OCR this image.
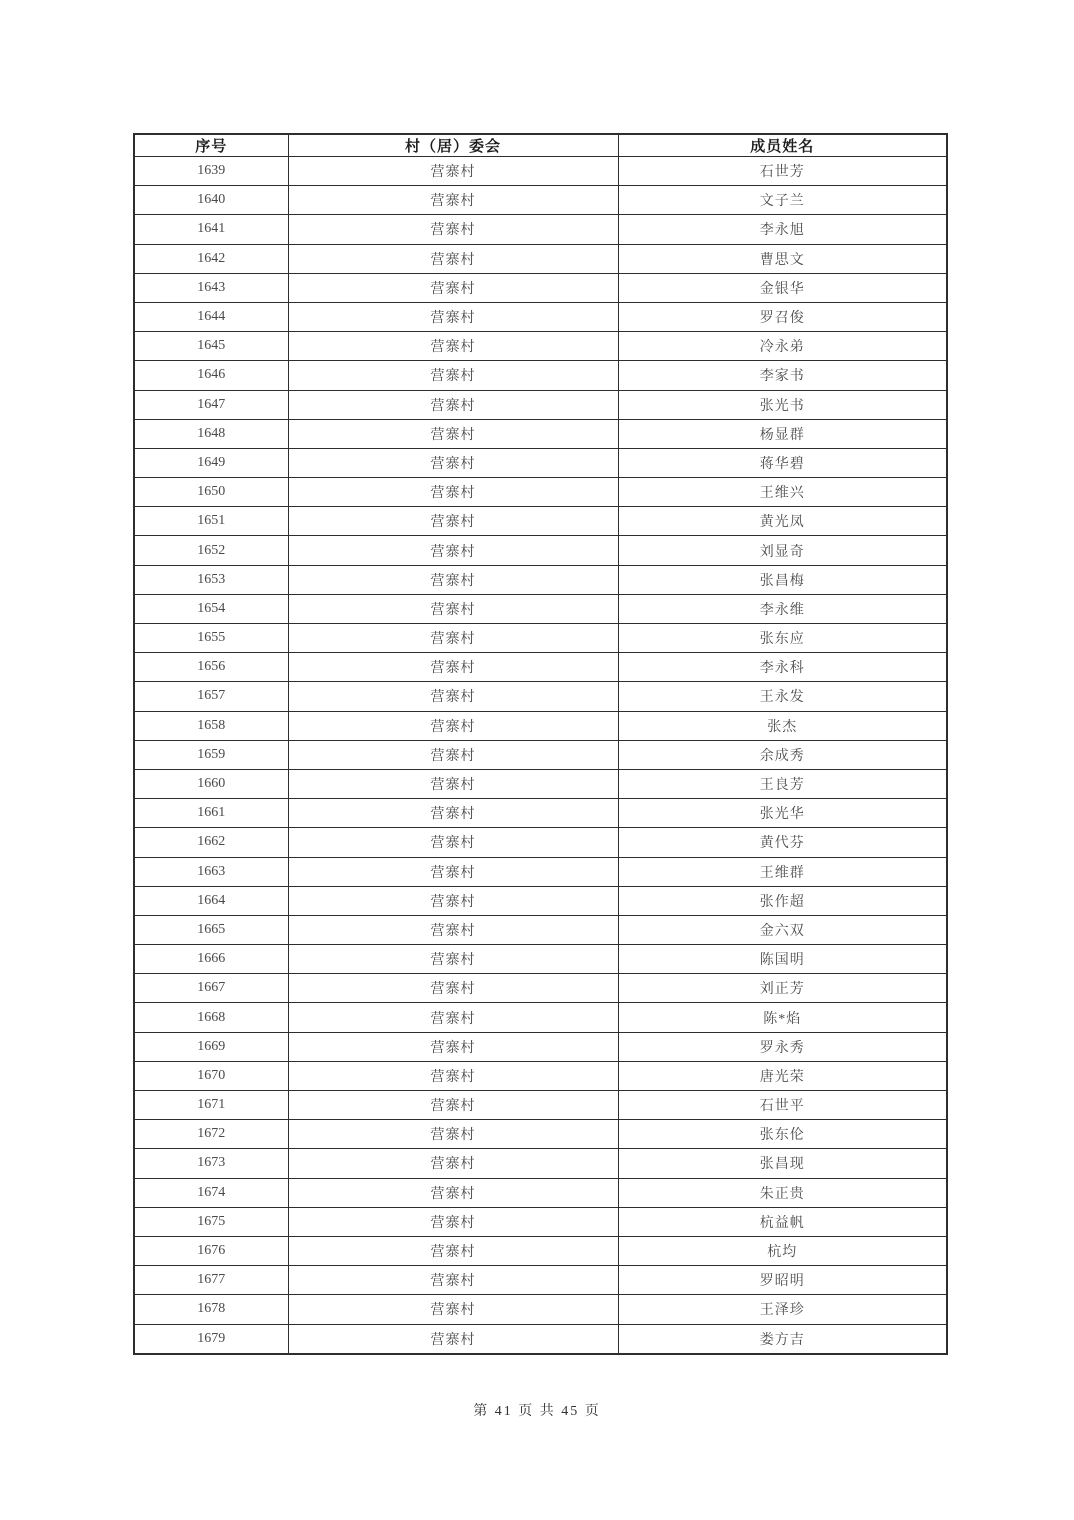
序号	村（居）委会	成员姓名
1639	营寨村	石世芳
1640	营寨村	文子兰
1641	营寨村	李永旭
1642	营寨村	曹思文
1643	营寨村	金银华
1644	营寨村	罗召俊
1645	营寨村	冷永弟
1646	营寨村	李家书
1647	营寨村	张光书
1648	营寨村	杨显群
1649	营寨村	蒋华碧
1650	营寨村	王维兴
1651	营寨村	黄光凤
1652	营寨村	刘显奇
1653	营寨村	张昌梅
1654	营寨村	李永维
1655	营寨村	张东应
1656	营寨村	李永科
1657	营寨村	王永发
1658	营寨村	张杰
1659	营寨村	余成秀
1660	营寨村	王良芳
1661	营寨村	张光华
1662	营寨村	黄代芬
1663	营寨村	王维群
1664	营寨村	张作超
1665	营寨村	金六双
1666	营寨村	陈国明
1667	营寨村	刘正芳
1668	营寨村	陈*焰
1669	营寨村	罗永秀
1670	营寨村	唐光荣
1671	营寨村	石世平
1672	营寨村	张东伦
1673	营寨村	张昌现
1674	营寨村	朱正贵
1675	营寨村	杭益帆
1676	营寨村	杭均
1677	营寨村	罗昭明
1678	营寨村	王泽珍
1679	营寨村	娄方吉
第 41 页 共 45 页
